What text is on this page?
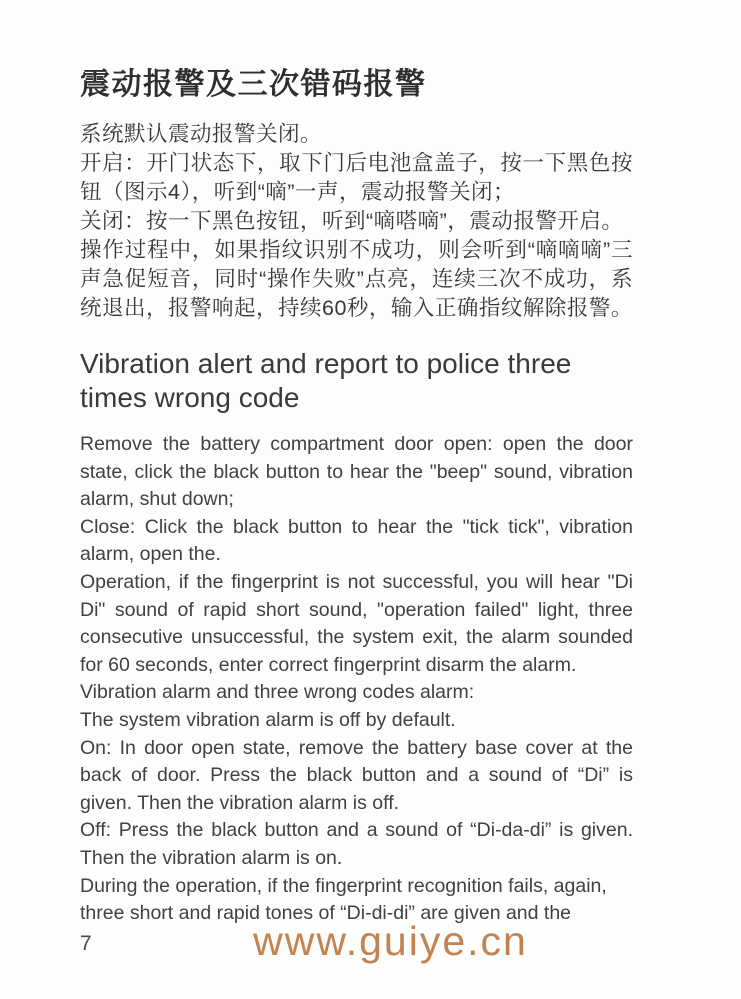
震动报警及三次错码报警

系统默认震动报警关闭。

开启：开门状态下，取下门后电池盒盖子，按一下黑色按钮（图示4），听到“嘀”一声，震动报警关闭；

关闭：按一下黑色按钮，听到“嘀嗒嘀”，震动报警开启。

操作过程中，如果指纹识别不成功，则会听到“嘀嘀嘀”三声急促短音，同时“操作失败”点亮，连续三次不成功，系统退出，报警响起，持续60秒，输入正确指纹解除报警。

Vibration alert and report to police three times wrong code

Remove the battery compartment door open: open the door state, click the black button to hear the "beep" sound, vibration alarm, shut down;

Close: Click the black button to hear the "tick tick", vibration alarm, open the.

Operation, if the fingerprint is not successful, you will hear "Di Di" sound of rapid short sound, "operation failed" light, three consecutive unsuccessful, the system exit, the alarm sounded for 60 seconds, enter correct fingerprint disarm the alarm.

Vibration alarm and three wrong codes alarm:

The system vibration alarm is off by default.

On: In door open state, remove the battery base cover at the back of door. Press the black button and a sound of “Di” is given. Then the vibration alarm is off.

Off: Press the black button and a sound of “Di-da-di” is given. Then the vibration alarm is on.

During the operation, if the fingerprint recognition fails, again, three short and rapid tones of “Di-di-di” are given and the

7	www.guiye.cn
